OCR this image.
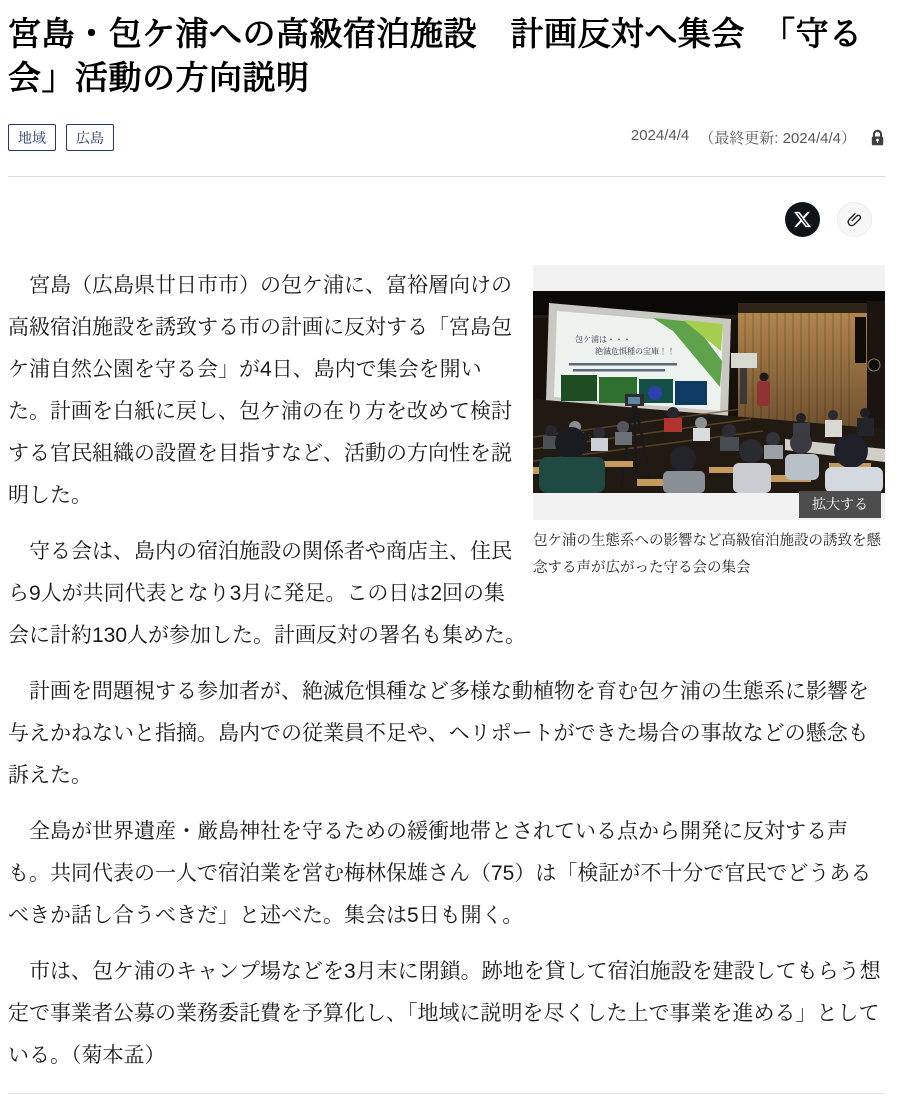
宮島・包ケ浦への高級宿泊施設　計画反対へ集会　「守る会」活動の方向説明
地域	広島	2024/4/4 （最終更新: 2024/4/4）
包ケ浦は・・・
絶滅危惧種の宝庫！！
拡大する
包ケ浦の生態系への影響など高級宿泊施設の誘致を懸念する声が広がった守る会の集会

宮島（広島県廿日市市）の包ケ浦に、富裕層向けの高級宿泊施設を誘致する市の計画に反対する「宮島包ケ浦自然公園を守る会」が4日、島内で集会を開いた。計画を白紙に戻し、包ケ浦の在り方を改めて検討する官民組織の設置を目指すなど、活動の方向性を説明した。

守る会は、島内の宿泊施設の関係者や商店主、住民ら9人が共同代表となり3月に発足。この日は2回の集会に計約130人が参加した。計画反対の署名も集めた。

計画を問題視する参加者が、絶滅危惧種など多様な動植物を育む包ケ浦の生態系に影響を与えかねないと指摘。島内での従業員不足や、ヘリポートができた場合の事故などの懸念も訴えた。

全島が世界遺産・厳島神社を守るための緩衝地帯とされている点から開発に反対する声も。共同代表の一人で宿泊業を営む梅林保雄さん（75）は「検証が不十分で官民でどうあるべきか話し合うべきだ」と述べた。集会は5日も開く。

市は、包ケ浦のキャンプ場などを3月末に閉鎖。跡地を貸して宿泊施設を建設してもらう想定で事業者公募の業務委託費を予算化し、「地域に説明を尽くした上で事業を進める」としている。（菊本孟）
